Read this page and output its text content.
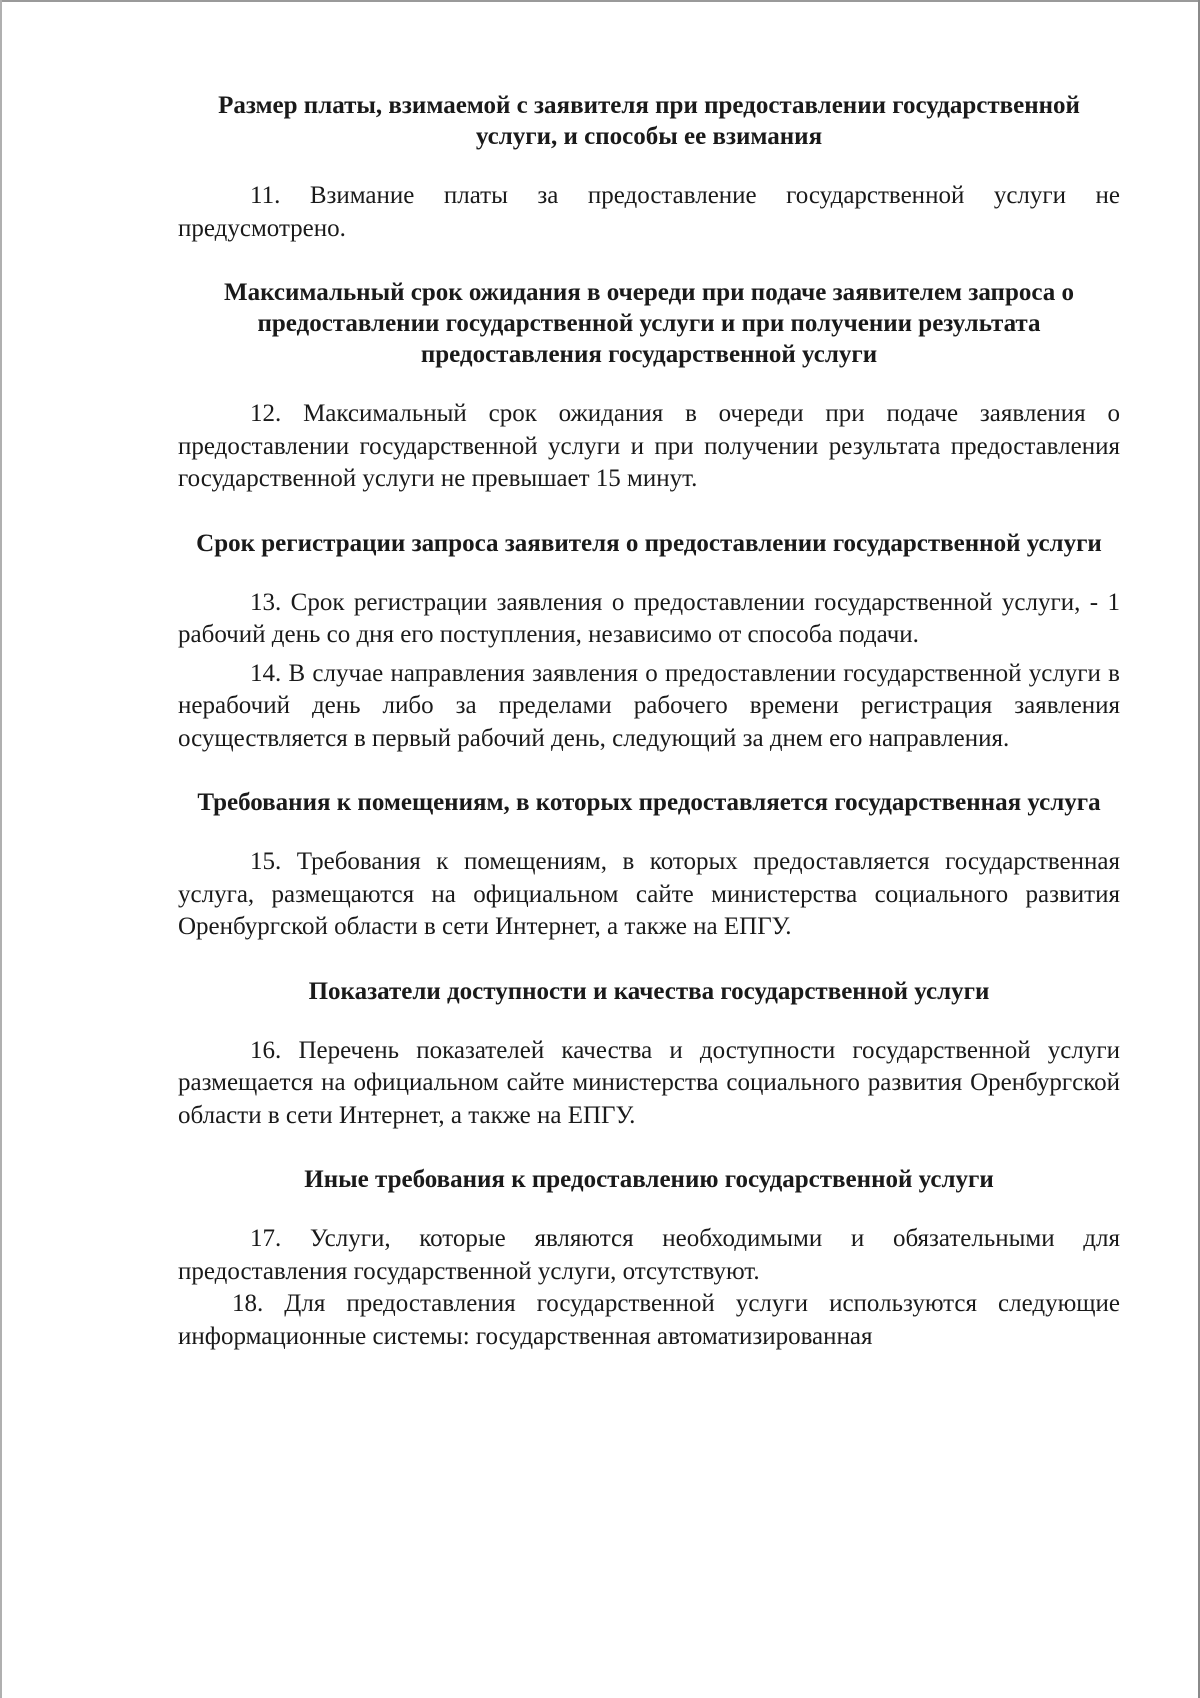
Размер платы, взимаемой с заявителя при предоставлении государственной услуги, и способы ее взимания

11. Взимание платы за предоставление государственной услуги не предусмотрено.

Максимальный срок ожидания в очереди при подаче заявителем запроса о предоставлении государственной услуги и при получении результата предоставления государственной услуги

12. Максимальный срок ожидания в очереди при подаче заявления о предоставлении государственной услуги и при получении результата предоставления государственной услуги не превышает 15 минут.

Срок регистрации запроса заявителя о предоставлении государственной услуги

13. Срок регистрации заявления о предоставлении государственной услуги, - 1 рабочий день со дня его поступления, независимо от способа подачи.

14. В случае направления заявления о предоставлении государственной услуги в нерабочий день либо за пределами рабочего времени регистрация заявления осуществляется в первый рабочий день, следующий за днем его направления.

Требования к помещениям, в которых предоставляется государственная услуга

15. Требования к помещениям, в которых предоставляется государственная услуга, размещаются на официальном сайте министерства социального развития Оренбургской области в сети Интернет, а также на ЕПГУ.

Показатели доступности и качества государственной услуги

16. Перечень показателей качества и доступности государственной услуги размещается на официальном сайте министерства социального развития Оренбургской области в сети Интернет, а также на ЕПГУ.

Иные требования к предоставлению государственной услуги

17. Услуги, которые являются необходимыми и обязательными для предоставления государственной услуги, отсутствуют.

18. Для предоставления государственной услуги используются следующие информационные системы: государственная автоматизированная
